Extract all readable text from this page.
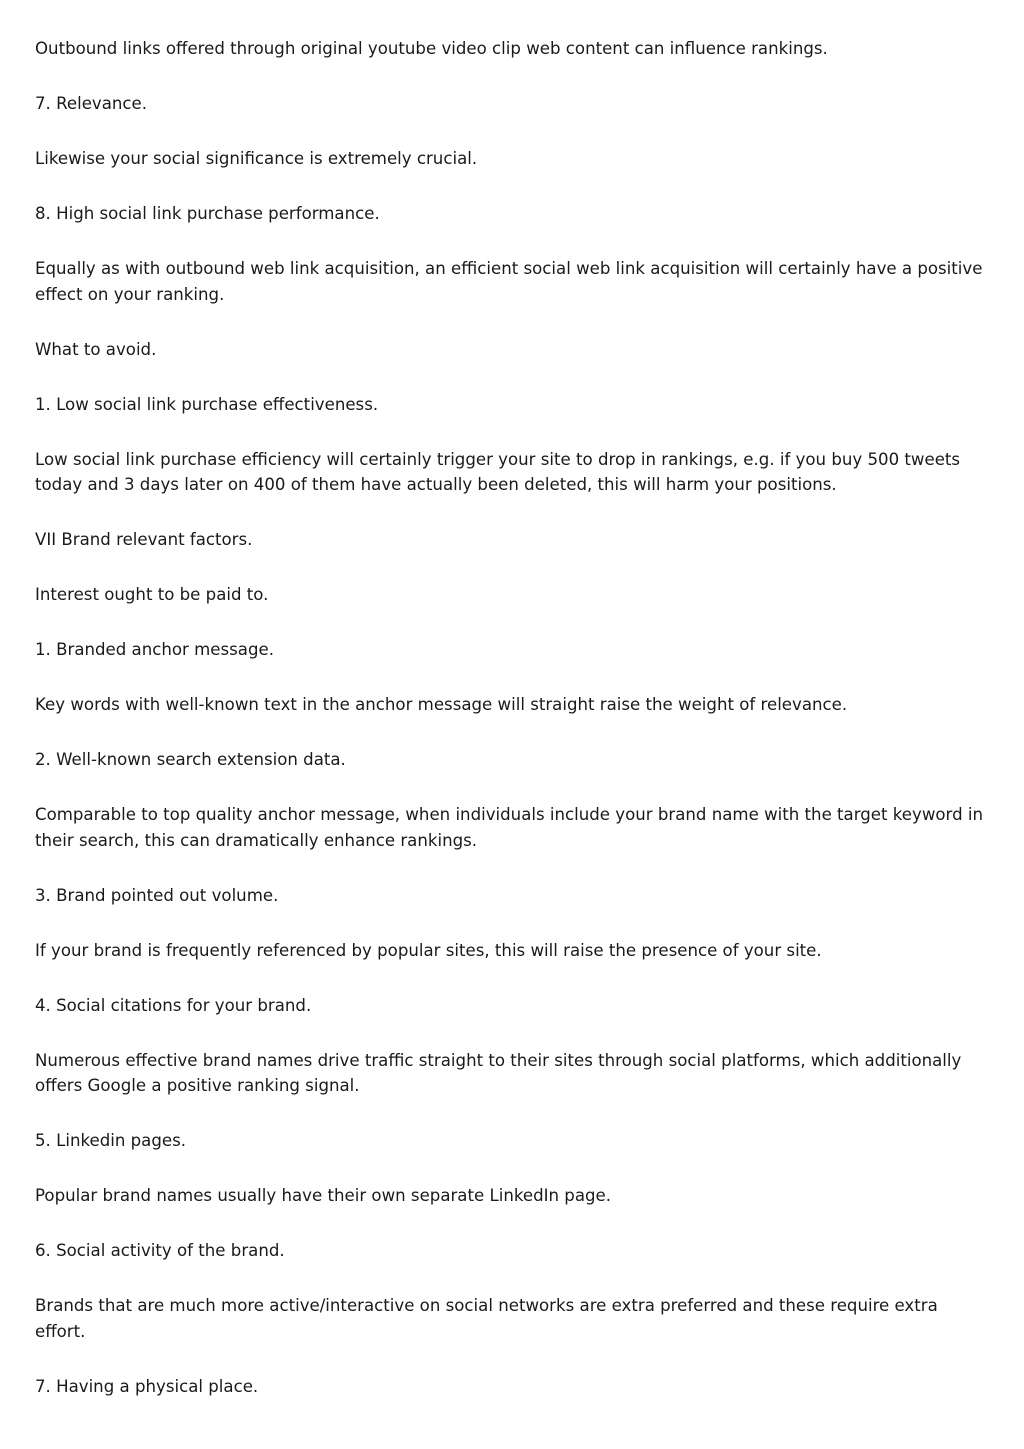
Outbound links offered through original youtube video clip web content can influence rankings.

7. Relevance.

Likewise your social significance is extremely crucial.

8. High social link purchase performance.

Equally as with outbound web link acquisition, an efficient social web link acquisition will certainly have a positive effect on your ranking.

What to avoid.

1. Low social link purchase effectiveness.

Low social link purchase efficiency will certainly trigger your site to drop in rankings, e.g. if you buy 500 tweets today and 3 days later on 400 of them have actually been deleted, this will harm your positions.

VII Brand relevant factors.

Interest ought to be paid to.

1. Branded anchor message.

Key words with well-known text in the anchor message will straight raise the weight of relevance.

2. Well-known search extension data.

Comparable to top quality anchor message, when individuals include your brand name with the target keyword in their search, this can dramatically enhance rankings.

3. Brand pointed out volume.

If your brand is frequently referenced by popular sites, this will raise the presence of your site.

4. Social citations for your brand.

Numerous effective brand names drive traffic straight to their sites through social platforms, which additionally offers Google a positive ranking signal.

5. Linkedin pages.

Popular brand names usually have their own separate LinkedIn page.

6. Social activity of the brand.

Brands that are much more active/interactive on social networks are extra preferred and these require extra effort.

7. Having a physical place.
